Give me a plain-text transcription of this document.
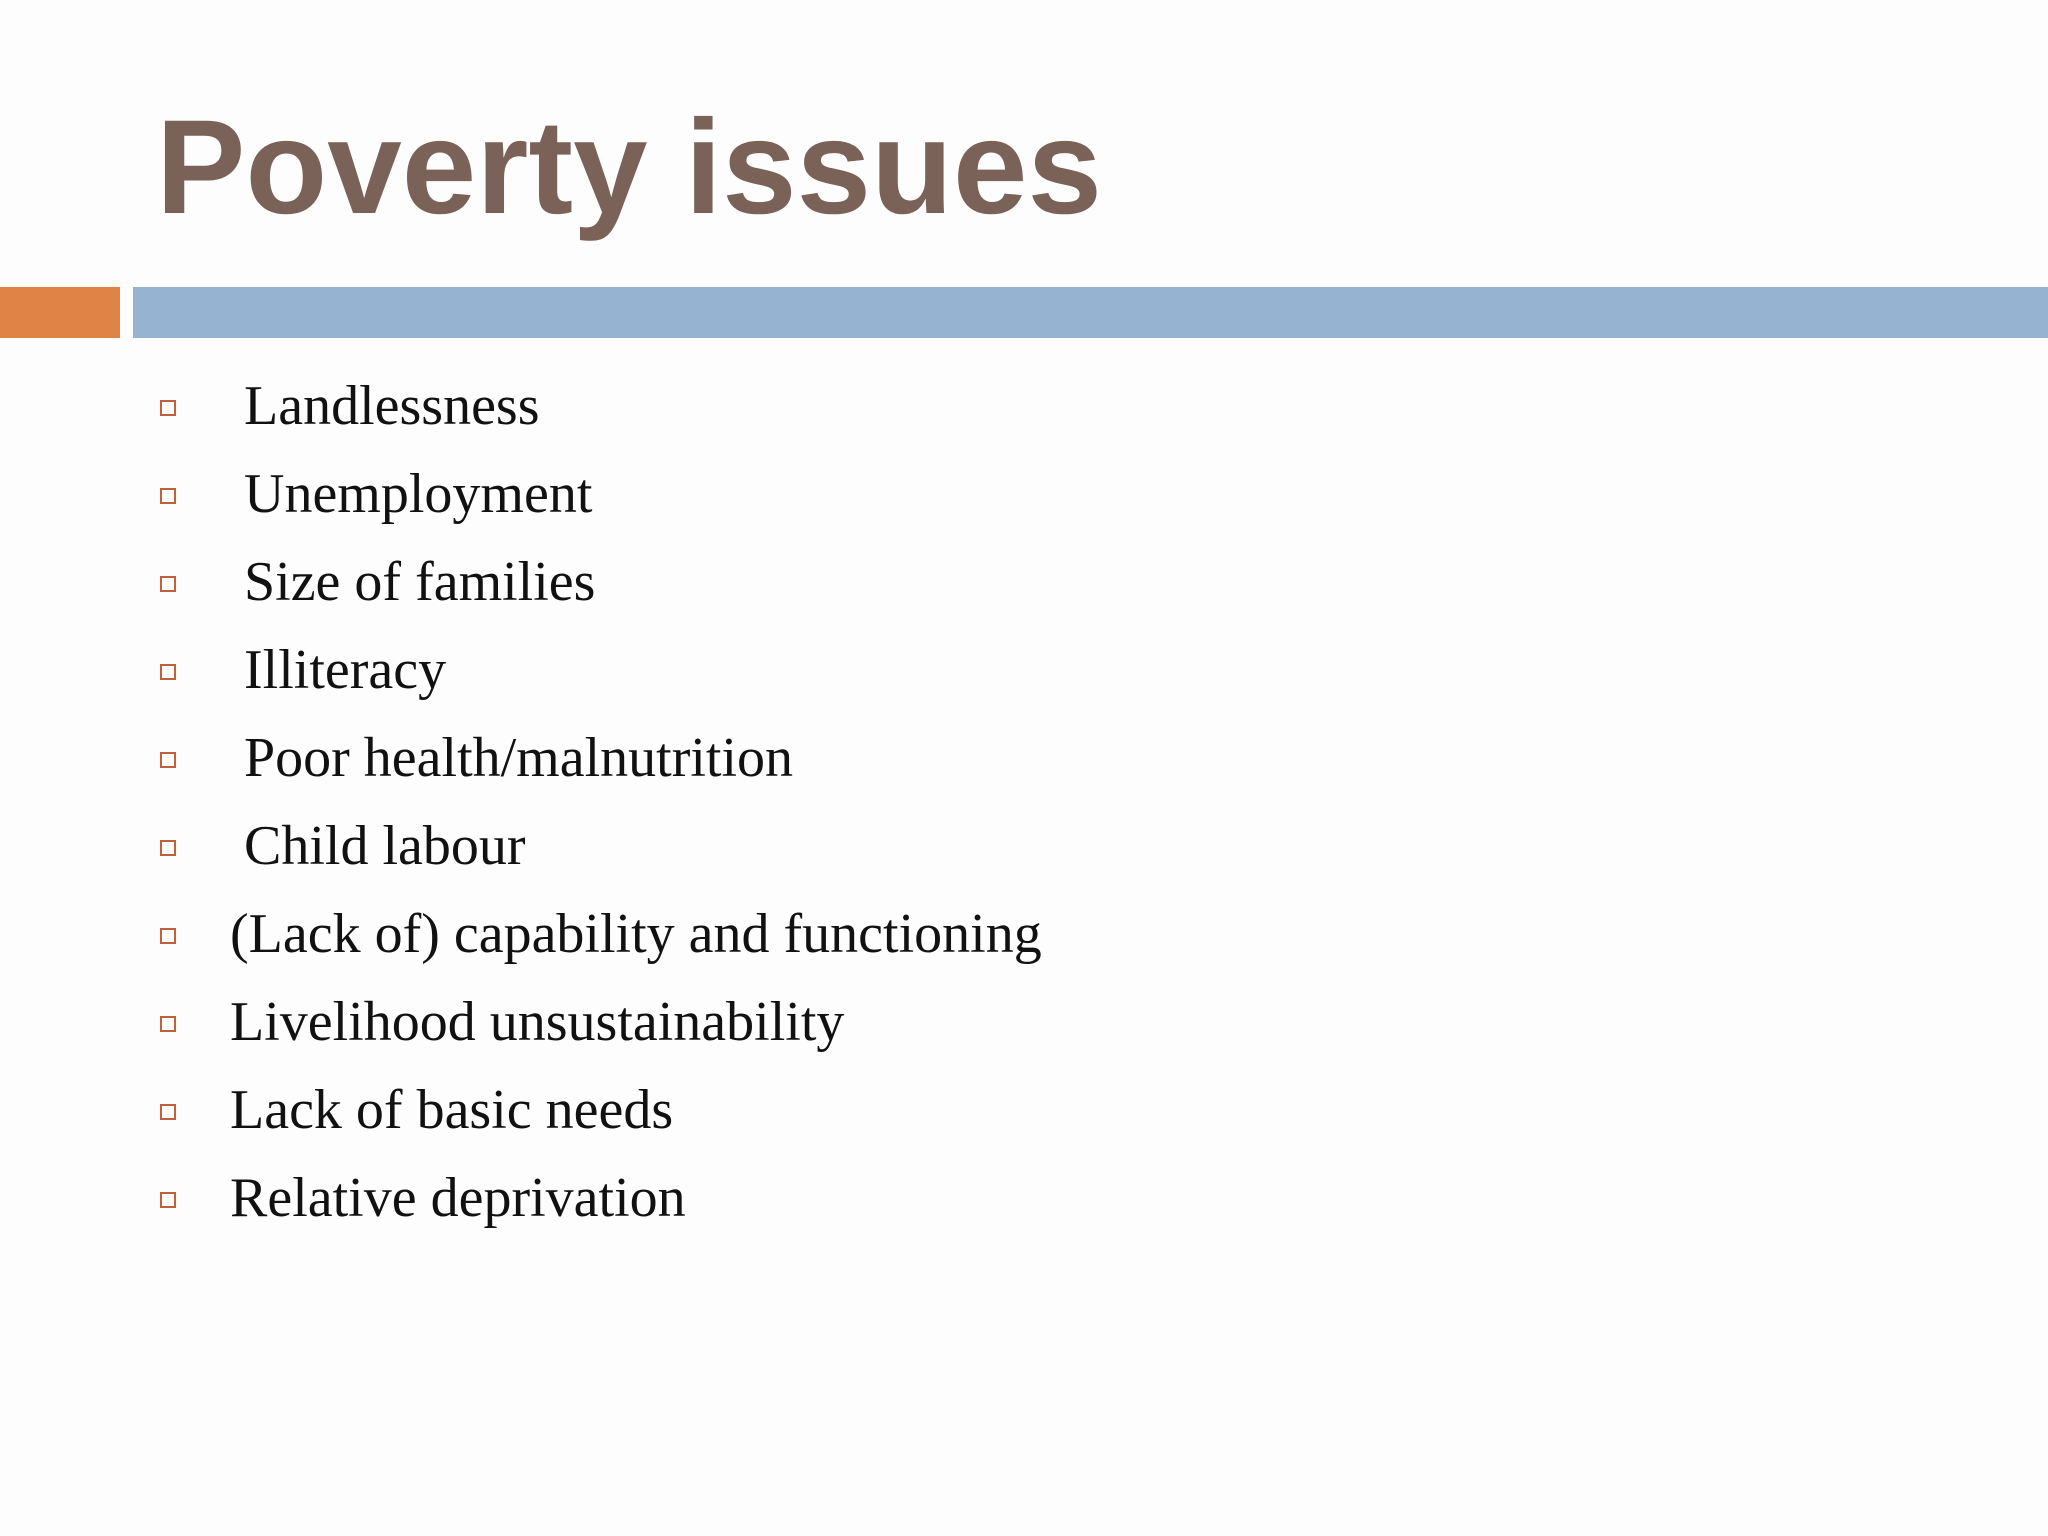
Poverty issues
Landlessness
Unemployment
Size of families
Illiteracy
Poor health/malnutrition
Child labour
(Lack of) capability and functioning
Livelihood unsustainability
Lack of basic needs
Relative deprivation
